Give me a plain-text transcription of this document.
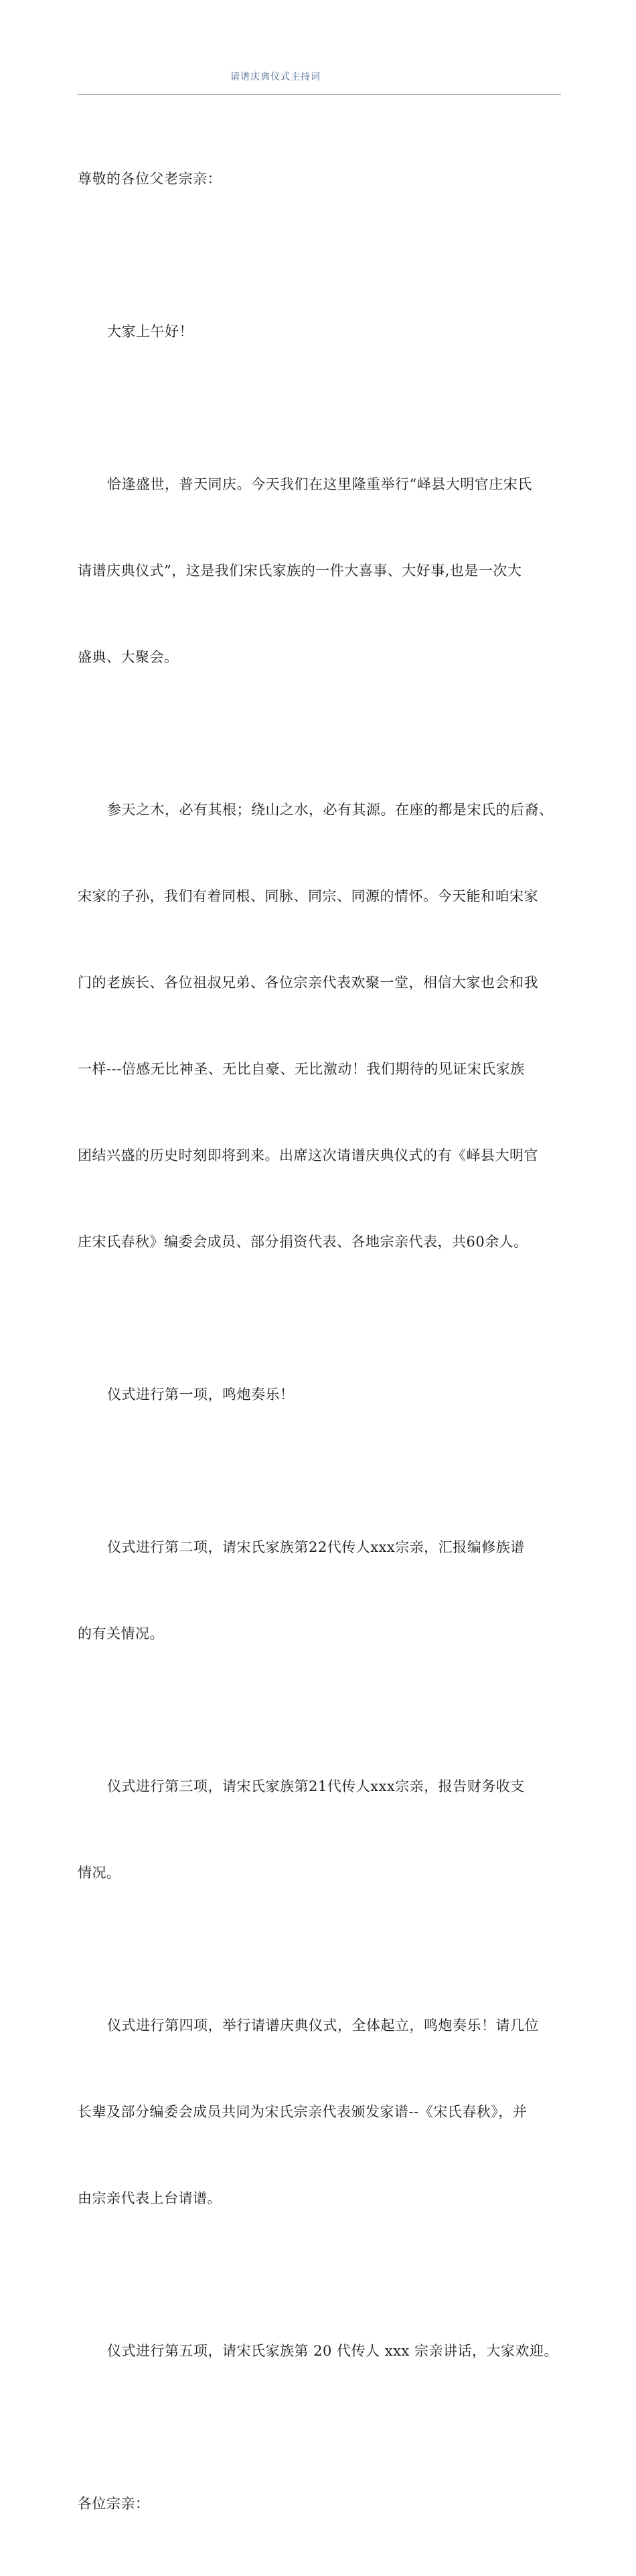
请谱庆典仪式主持词

尊敬的各位父老宗亲：

大家上午好！

恰逢盛世，普天同庆。今天我们在这里隆重举行“峄县大明官庄宋氏

请谱庆典仪式”，这是我们宋氏家族的一件大喜事、大好事,也是一次大

盛典、大聚会。

参天之木，必有其根；绕山之水，必有其源。在座的都是宋氏的后裔、

宋家的子孙，我们有着同根、同脉、同宗、同源的情怀。今天能和咱宋家

门的老族长、各位祖叔兄弟、各位宗亲代表欢聚一堂，相信大家也会和我

一样---倍感无比神圣、无比自豪、无比激动！我们期待的见证宋氏家族

团结兴盛的历史时刻即将到来。出席这次请谱庆典仪式的有《峄县大明官

庄宋氏春秋》编委会成员、部分捐资代表、各地宗亲代表，共60余人。

仪式进行第一项，鸣炮奏乐！

仪式进行第二项，请宋氏家族第22代传人xxx宗亲，汇报编修族谱

的有关情况。

仪式进行第三项，请宋氏家族第21代传人xxx宗亲，报告财务收支

情况。

仪式进行第四项，举行请谱庆典仪式，全体起立，鸣炮奏乐！请几位

长辈及部分编委会成员共同为宋氏宗亲代表颁发家谱--《宋氏春秋》，并

由宗亲代表上台请谱。

仪式进行第五项，请宋氏家族第 20 代传人 xxx 宗亲讲话，大家欢迎。

各位宗亲：
